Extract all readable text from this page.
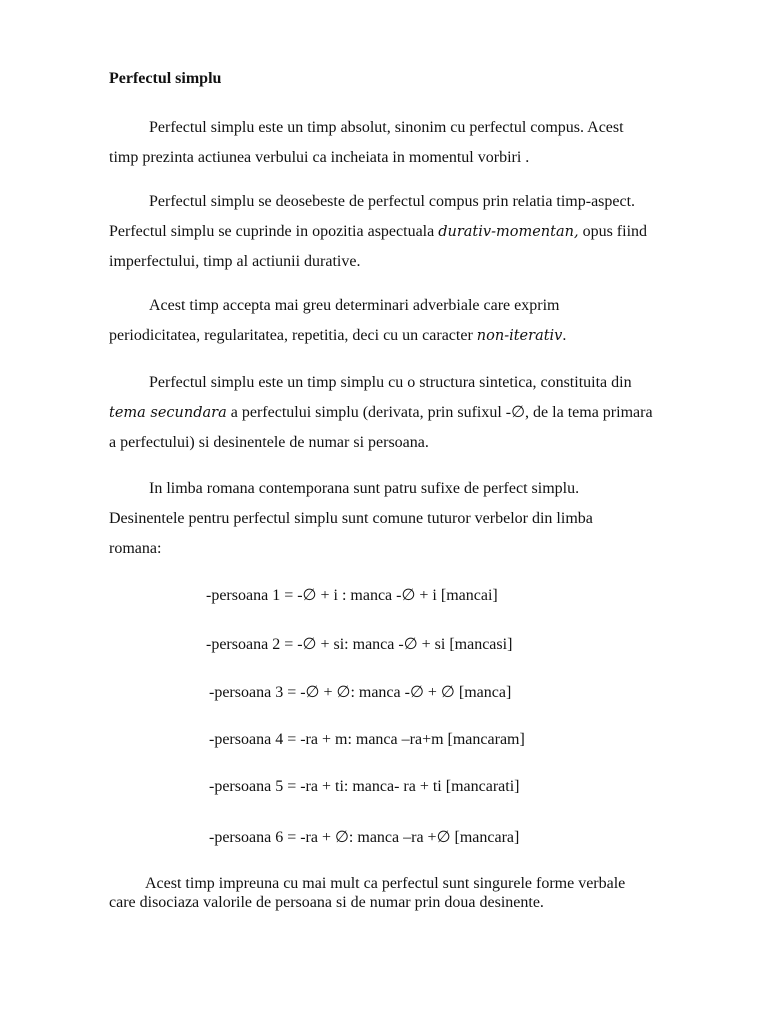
Perfectul simplu

Perfectul simplu este un timp absolut, sinonim cu perfectul compus. Acest
timp prezinta actiunea verbului ca incheiata in momentul vorbiri .
Perfectul simplu se deosebeste de perfectul compus prin relatia timp-aspect.
Perfectul simplu se cuprinde in opozitia aspectuala durativ-momentan, opus fiind
imperfectului, timp al actiunii durative.
Acest timp accepta mai greu determinari adverbiale care exprim
periodicitatea, regularitatea, repetitia, deci cu un caracter non-iterativ.
Perfectul simplu este un timp simplu cu o structura sintetica, constituita din
tema secundara a perfectului simplu (derivata, prin sufixul -∅, de la tema primara
a perfectului) si desinentele de numar si persoana.
In limba romana contemporana sunt patru sufixe de perfect simplu.
Desinentele pentru perfectul simplu sunt comune tuturor verbelor din limba
romana:
-persoana 1 = -∅ + i : manca -∅ + i [mancai]
-persoana 2 = -∅ + si: manca -∅ + si [mancasi]
-persoana 3 = -∅ + ∅: manca -∅ + ∅ [manca]
-persoana 4 = -ra + m: manca –ra+m [mancaram]
-persoana 5 = -ra + ti: manca- ra + ti [mancarati]
-persoana 6 = -ra + ∅: manca –ra +∅ [mancara]
Acest timp impreuna cu mai mult ca perfectul sunt singurele forme verbale
care disociaza valorile de persoana si de numar prin doua desinente.
